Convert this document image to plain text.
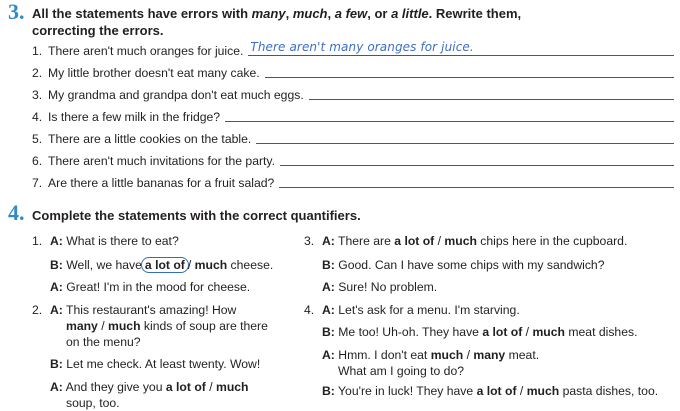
3. All the statements have errors with many, much, a few, or a little. Rewrite them,
correcting the errors.
1. There aren't much oranges for juice. There aren't many oranges for juice.
2. My little brother doesn't eat many cake.
3. My grandma and grandpa don't eat much eggs.
4. Is there a few milk in the fridge?
5. There are a little cookies on the table.
6. There aren't much invitations for the party.
7. Are there a little bananas for a fruit salad?
4. Complete the statements with the correct quantifiers.
1. A: What is there to eat?
B: Well, we have a lot of / much cheese.
A: Great! I'm in the mood for cheese.
2. A: This restaurant's amazing! How
many / much kinds of soup are there
on the menu?
B: Let me check. At least twenty. Wow!
A: And they give you a lot of / much
soup, too.
3. A: There are a lot of / much chips here in the cupboard.
B: Good. Can I have some chips with my sandwich?
A: Sure! No problem.
4. A: Let's ask for a menu. I'm starving.
B: Me too! Uh-oh. They have a lot of / much meat dishes.
A: Hmm. I don't eat much / many meat.
What am I going to do?
B: You're in luck! They have a lot of / much pasta dishes, too.
